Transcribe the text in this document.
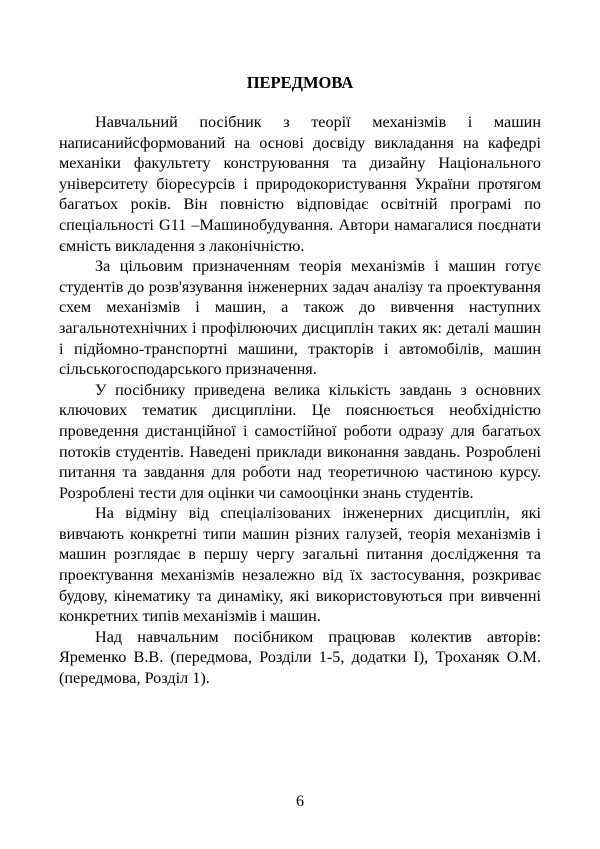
ПЕРЕДМОВА

Навчальний посібник з теорії механізмів і машин написанийсформований на основі досвіду викладання на кафедрі механіки факультету конструювання та дизайну Національного університету біоресурсів і природокористування України протягом багатьох років. Він повністю відповідає освітній програмі по спеціальності G11 –Машинобудування. Автори намагалися поєднати ємність викладення з лаконічністю.

За цільовим призначенням теорія механізмів і машин готує студентів до розв'язування інженерних задач аналізу та проектування схем механізмів і машин, а також до вивчення наступних загальнотехнічних і профілюючих дисциплін таких як: деталі машин і підйомно-транспортні машини, тракторів і автомобілів, машин сільськогосподарського призначення.

У посібнику приведена велика кількість завдань з основних ключових тематик дисципліни. Це пояснюється необхідністю проведення дистанційної і самостійної роботи одразу для багатьох потоків студентів. Наведені приклади виконання завдань. Розроблені питання та завдання для роботи над теоретичною частиною курсу. Розроблені тести для оцінки чи самооцінки знань студентів.

На відміну від спеціалізованих інженерних дисциплін, які вивчають конкретні типи машин різних галузей, теорія механізмів і машин розглядає в першу чергу загальні питання дослідження та проектування механізмів незалежно від їх застосування, розкриває будову, кінематику та динаміку, які використовуються при вивченні конкретних типів механізмів і машин.

Над навчальним посібником працював колектив авторів: Яременко В.В. (передмова, Розділи 1-5, додатки І), Троханяк О.М. (передмова, Розділ 1).

6
